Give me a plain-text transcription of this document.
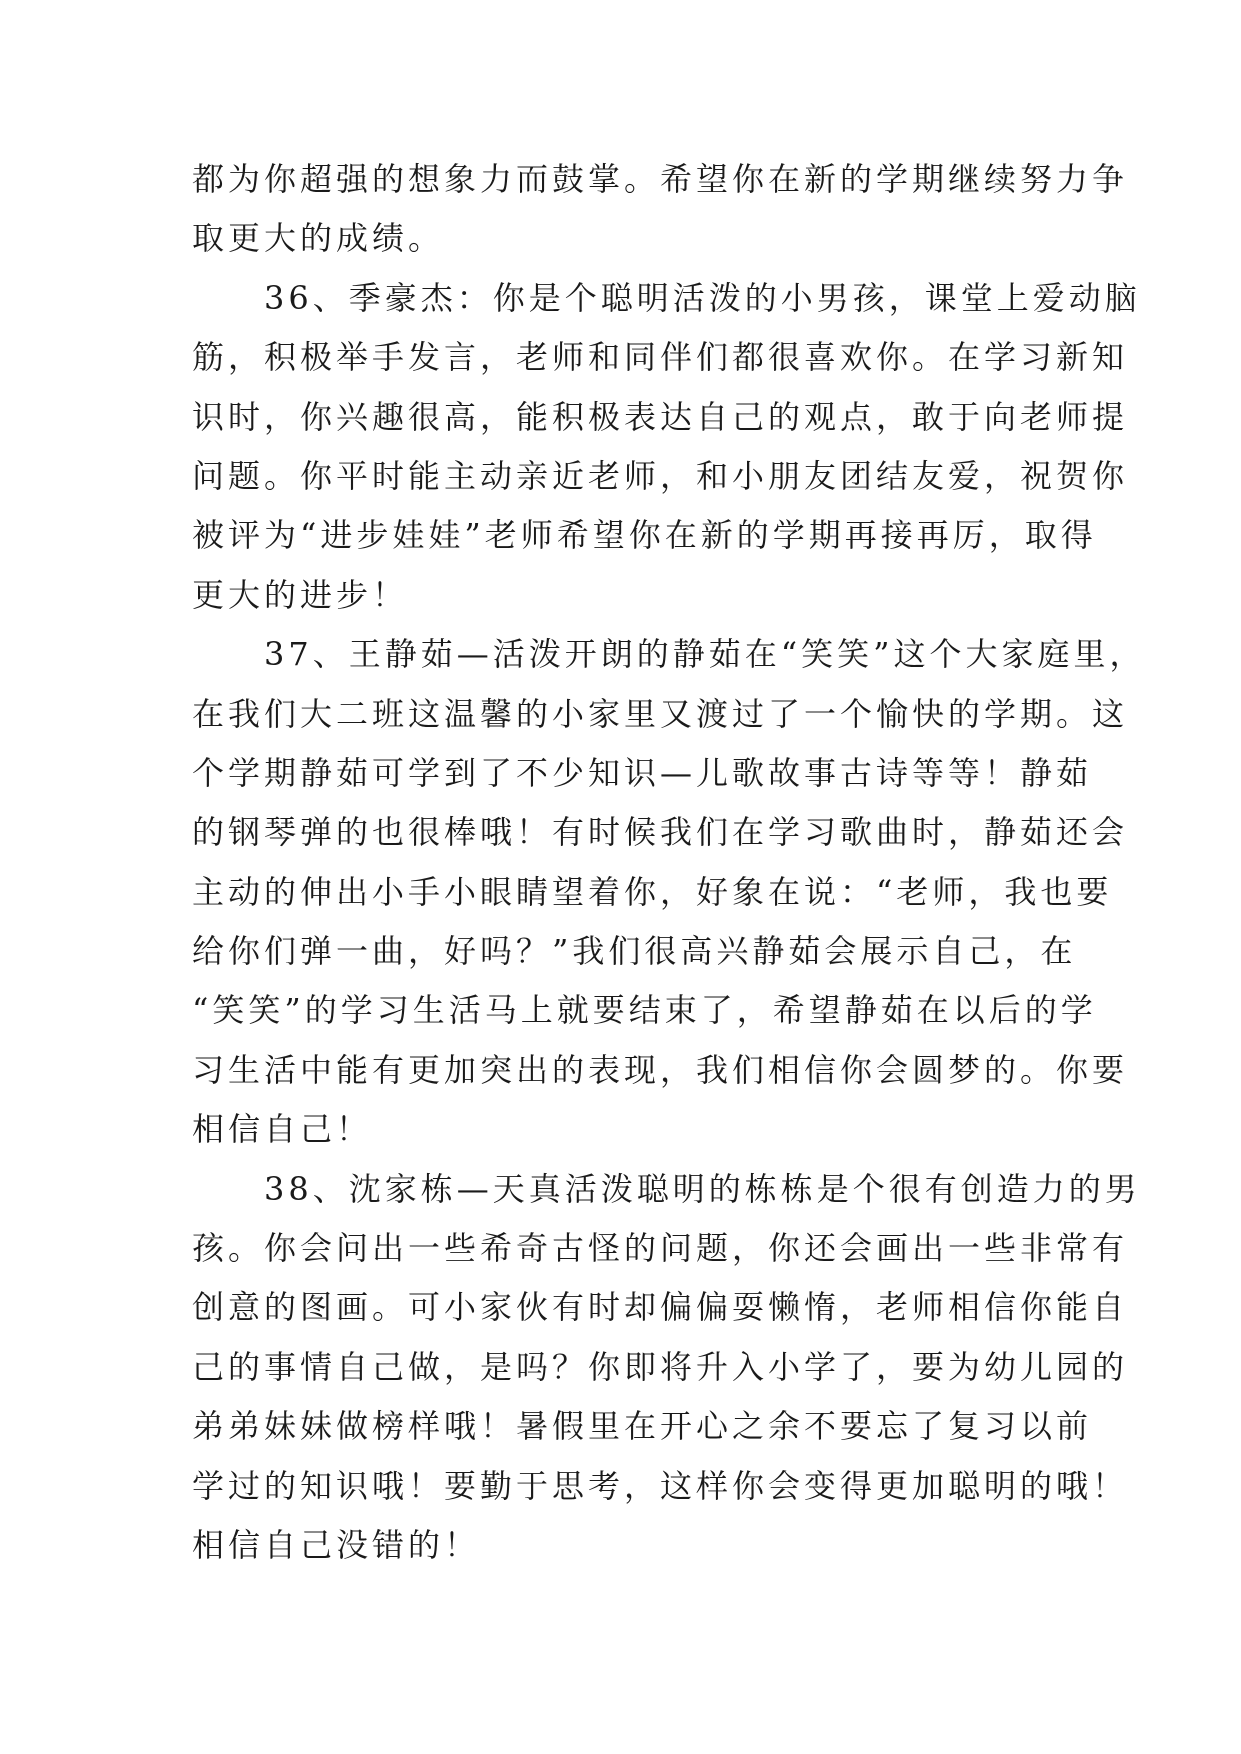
都为你超强的想象力而鼓掌。希望你在新的学期继续努力争
取更大的成绩。
　　36、季豪杰：你是个聪明活泼的小男孩，课堂上爱动脑
筋，积极举手发言，老师和同伴们都很喜欢你。在学习新知
识时，你兴趣很高，能积极表达自己的观点，敢于向老师提
问题。你平时能主动亲近老师，和小朋友团结友爱，祝贺你
被评为“进步娃娃”老师希望你在新的学期再接再厉，取得
更大的进步！
　　37、王静茹—活泼开朗的静茹在“笑笑”这个大家庭里，
在我们大二班这温馨的小家里又渡过了一个愉快的学期。这
个学期静茹可学到了不少知识—儿歌故事古诗等等！静茹
的钢琴弹的也很棒哦！有时候我们在学习歌曲时，静茹还会
主动的伸出小手小眼睛望着你，好象在说：“老师，我也要
给你们弹一曲，好吗？”我们很高兴静茹会展示自己，在
“笑笑”的学习生活马上就要结束了，希望静茹在以后的学
习生活中能有更加突出的表现，我们相信你会圆梦的。你要
相信自己！
　　38、沈家栋—天真活泼聪明的栋栋是个很有创造力的男
孩。你会问出一些希奇古怪的问题，你还会画出一些非常有
创意的图画。可小家伙有时却偏偏耍懒惰，老师相信你能自
己的事情自己做，是吗？你即将升入小学了，要为幼儿园的
弟弟妹妹做榜样哦！暑假里在开心之余不要忘了复习以前
学过的知识哦！要勤于思考，这样你会变得更加聪明的哦！
相信自己没错的！
